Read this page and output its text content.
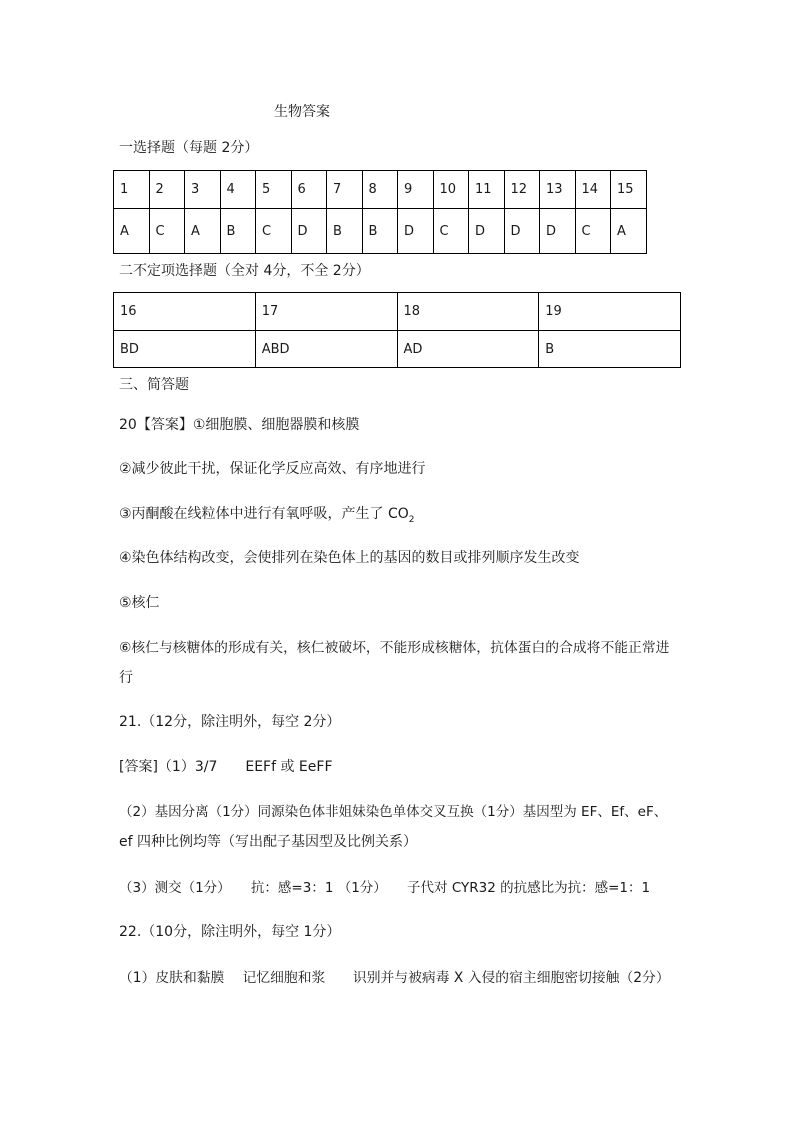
生物答案
一选择题（每题 2分）
1	2	3	4	5	6	7	8	9	10	11	12	13	14	15
A	C	A	B	C	D	B	B	D	C	D	D	D	C	A
二不定项选择题（全对 4分，不全 2分）
16	17	18	19
BD	ABD	AD	B
三、简答题
20【答案】①细胞膜、细胞器膜和核膜
②减少彼此干扰，保证化学反应高效、有序地进行
③丙酮酸在线粒体中进行有氧呼吸，产生了 $CO_2$
④染色体结构改变，会使排列在染色体上的基因的数目或排列顺序发生改变
⑤核仁
⑥核仁与核糖体的形成有关，核仁被破坏，不能形成核糖体，抗体蛋白的合成将不能正常进
行
21.（12分，除注明外，每空 2分）
[答案]（1）3/7　　EEFf 或 EeFF
（2）基因分离（1分）同源染色体非姐妹染色单体交叉互换（1分）基因型为 EF、Ef、eF、
ef 四种比例均等（写出配子基因型及比例关系）
（3）测交（1分）　　抗：感=3：1 （1分）　　子代对 CYR32 的抗感比为抗：感=1：1
22.（10分，除注明外，每空 1分）
（1）皮肤和黏膜　 记忆细胞和浆　　识别并与被病毒 X 入侵的宿主细胞密切接触（2分）
